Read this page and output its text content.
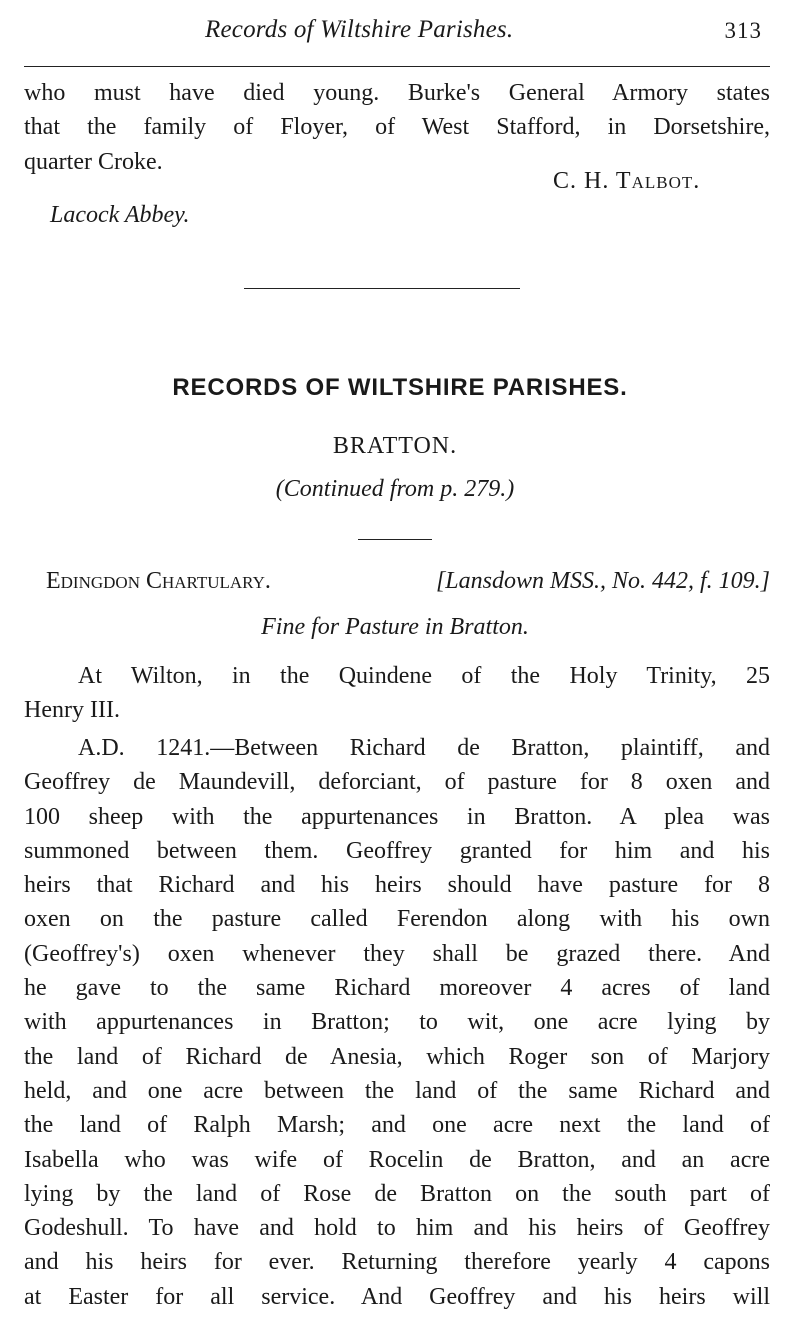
Records of Wiltshire Parishes.	313
who must have died young. Burke's General Armory states
that the family of Floyer, of West Stafford, in Dorsetshire,
quarter Croke.
C. H. Talbot.
Lacock Abbey.
RECORDS OF WILTSHIRE PARISHES.
BRATTON.
(Continued from p. 279.)
Edingdon Chartulary.	[Lansdown MSS., No. 442, f. 109.]
Fine for Pasture in Bratton.
At Wilton, in the Quindene of the Holy Trinity, 25
Henry III.
A.D. 1241.—Between Richard de Bratton, plaintiff, and
Geoffrey de Maundevill, deforciant, of pasture for 8 oxen and
100 sheep with the appurtenances in Bratton. A plea was
summoned between them. Geoffrey granted for him and his
heirs that Richard and his heirs should have pasture for 8
oxen on the pasture called Ferendon along with his own
(Geoffrey's) oxen whenever they shall be grazed there. And
he gave to the same Richard moreover 4 acres of land
with appurtenances in Bratton; to wit, one acre lying by
the land of Richard de Anesia, which Roger son of Marjory
held, and one acre between the land of the same Richard and
the land of Ralph Marsh; and one acre next the land of
Isabella who was wife of Rocelin de Bratton, and an acre
lying by the land of Rose de Bratton on the south part of
Godeshull. To have and hold to him and his heirs of Geoffrey
and his heirs for ever. Returning therefore yearly 4 capons
at Easter for all service. And Geoffrey and his heirs will
